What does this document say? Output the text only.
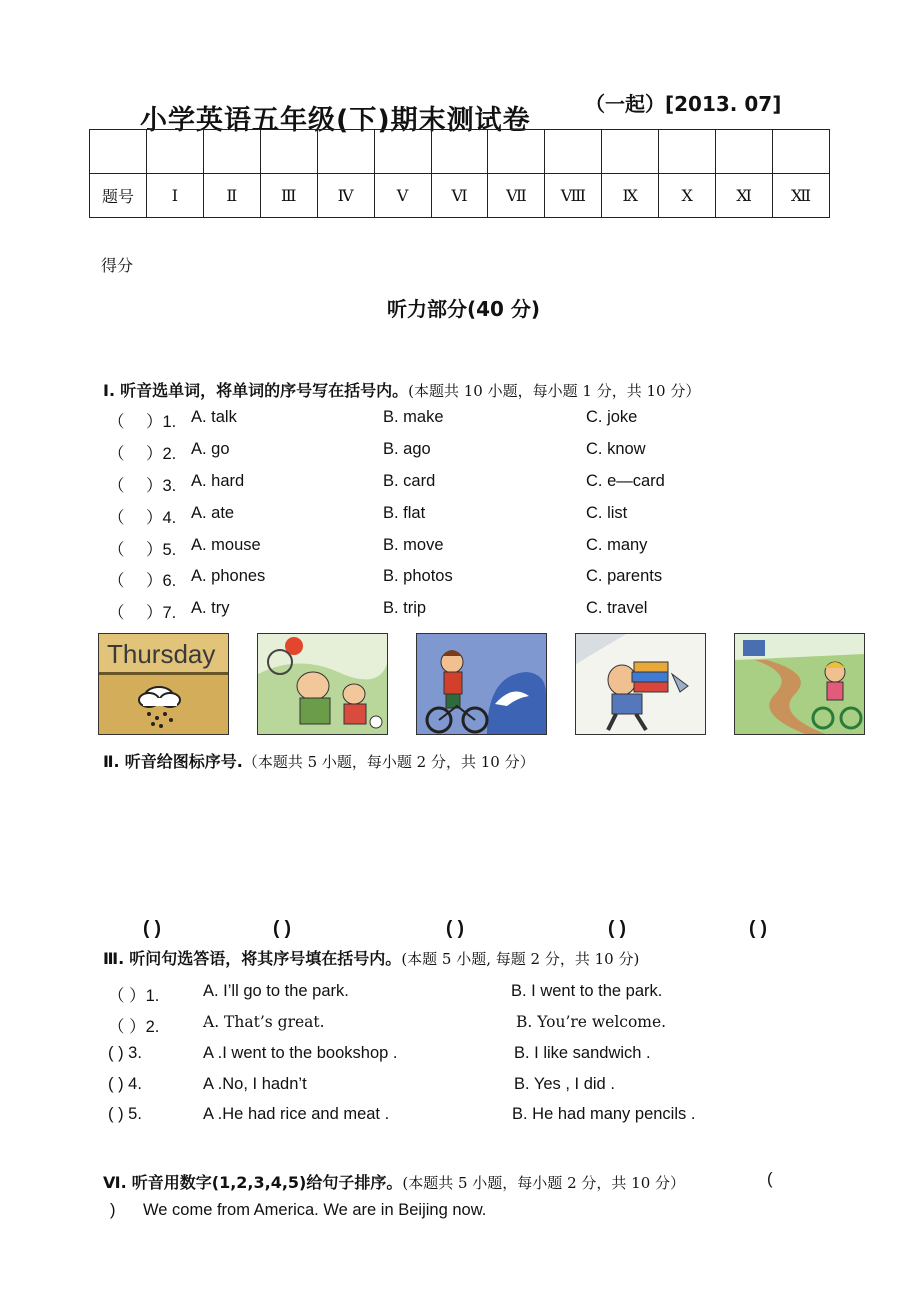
小学英语五年级(下)期末测试卷
（一起）[2013. 07]

题号	Ⅰ	Ⅱ	Ⅲ	Ⅳ	Ⅴ	Ⅵ	Ⅶ	Ⅷ	Ⅸ	Ⅹ	Ⅺ	Ⅻ
得分
听力部分(40 分)
Ⅰ. 听音选单词，将单词的序号写在括号内。(本题共 10 小题，每小题 1 分，共 10 分）
（ ）1. A. talk	B. make	C. joke
（ ）2. A. go	B. ago	C. know
（ ）3. A. hard	B. card	C. e—card
（ ）4. A. ate	B. flat	C. list
（ ）5. A. mouse	B. move	C. many
（ ）6. A. phones	B. photos	C. parents
（ ）7. A. try	B. trip	C. travel
Thursday
Ⅱ. 听音给图标序号.（本题共 5 小题，每小题 2 分，共 10 分）
( )	( )	( )	( )	( )
Ⅲ. 听问句选答语，将其序号填在括号内。(本题 5 小题, 每题 2 分，共 10 分)
（ ）1.	A. I’ll go to the park.	B. I went to the park.
（ ）2.	A. That’s great.	B. You’re welcome.
( ) 3.	A .I went to the bookshop .	B. I like sandwich .
( ) 4.	A .No, I hadn’t	B. Yes , I did .
( ) 5.	A .He had rice and meat .	B. He had many pencils .
Ⅵ. 听音用数字(1,2,3,4,5)给句子排序。(本题共 5 小题，每小题 2 分，共 10 分）	(
) We come from America. We are in Beijing now.
